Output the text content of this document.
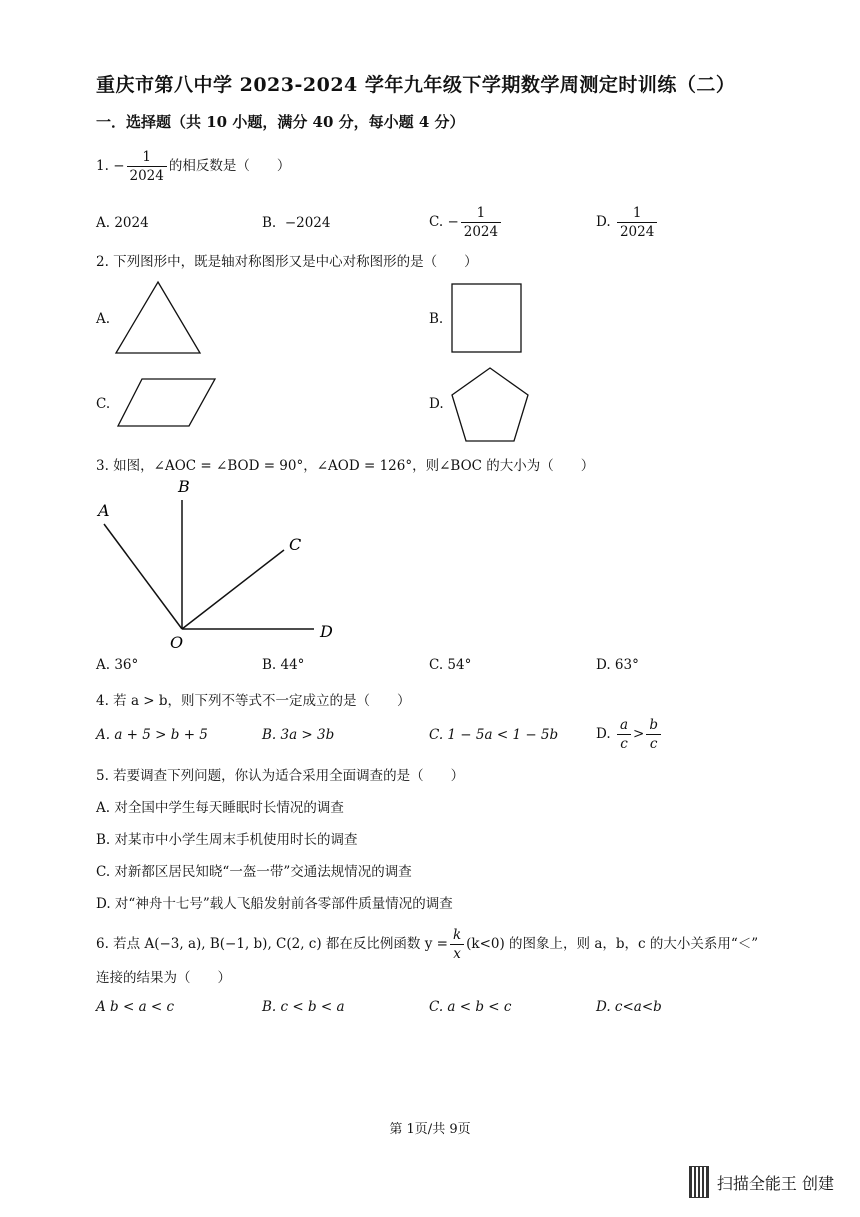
重庆市第八中学 2023-2024 学年九年级下学期数学周测定时训练（二）
一．选择题（共 10 小题，满分 40 分，每小题 4 分）
1. − $\frac{1}{2024}$ 的相反数是（　　）
A. 2024	B. −2024	C. − $\frac{1}{2024}$	D. $\frac{1}{2024}$
2. 下列图形中，既是轴对称图形又是中心对称图形的是（　　）
A.	B.
C.	D.
3. 如图，∠AOC = ∠BOD = 90°，∠AOD = 126°，则∠BOC 的大小为（　　）
A
B
C
D
O
A. 36°	B. 44°	C. 54°	D. 63°
4. 若 a > b，则下列不等式不一定成立的是（　　）
A. a + 5 > b + 5	B. 3a > 3b	C. 1 − 5a < 1 − 5b	D. $\frac{a}{c} > \frac{b}{c}$
5. 若要调查下列问题，你认为适合采用全面调查的是（　　）
A. 对全国中学生每天睡眠时长情况的调查
B. 对某市中小学生周末手机使用时长的调查
C. 对新都区居民知晓“一盔一带”交通法规情况的调查
D. 对“神舟十七号”载人飞船发射前各零部件质量情况的调查
6. 若点 A(−3, a), B(−1, b), C(2, c) 都在反比例函数 $y = \frac{k}{x} (k<0)$ 的图象上，则 a，b，c 的大小关系用“＜”
连接的结果为（　　）
A b < a < c	B. c < b < a	C. a < b < c	D. c<a<b
第 1页/共 9页
扫描全能王 创建
